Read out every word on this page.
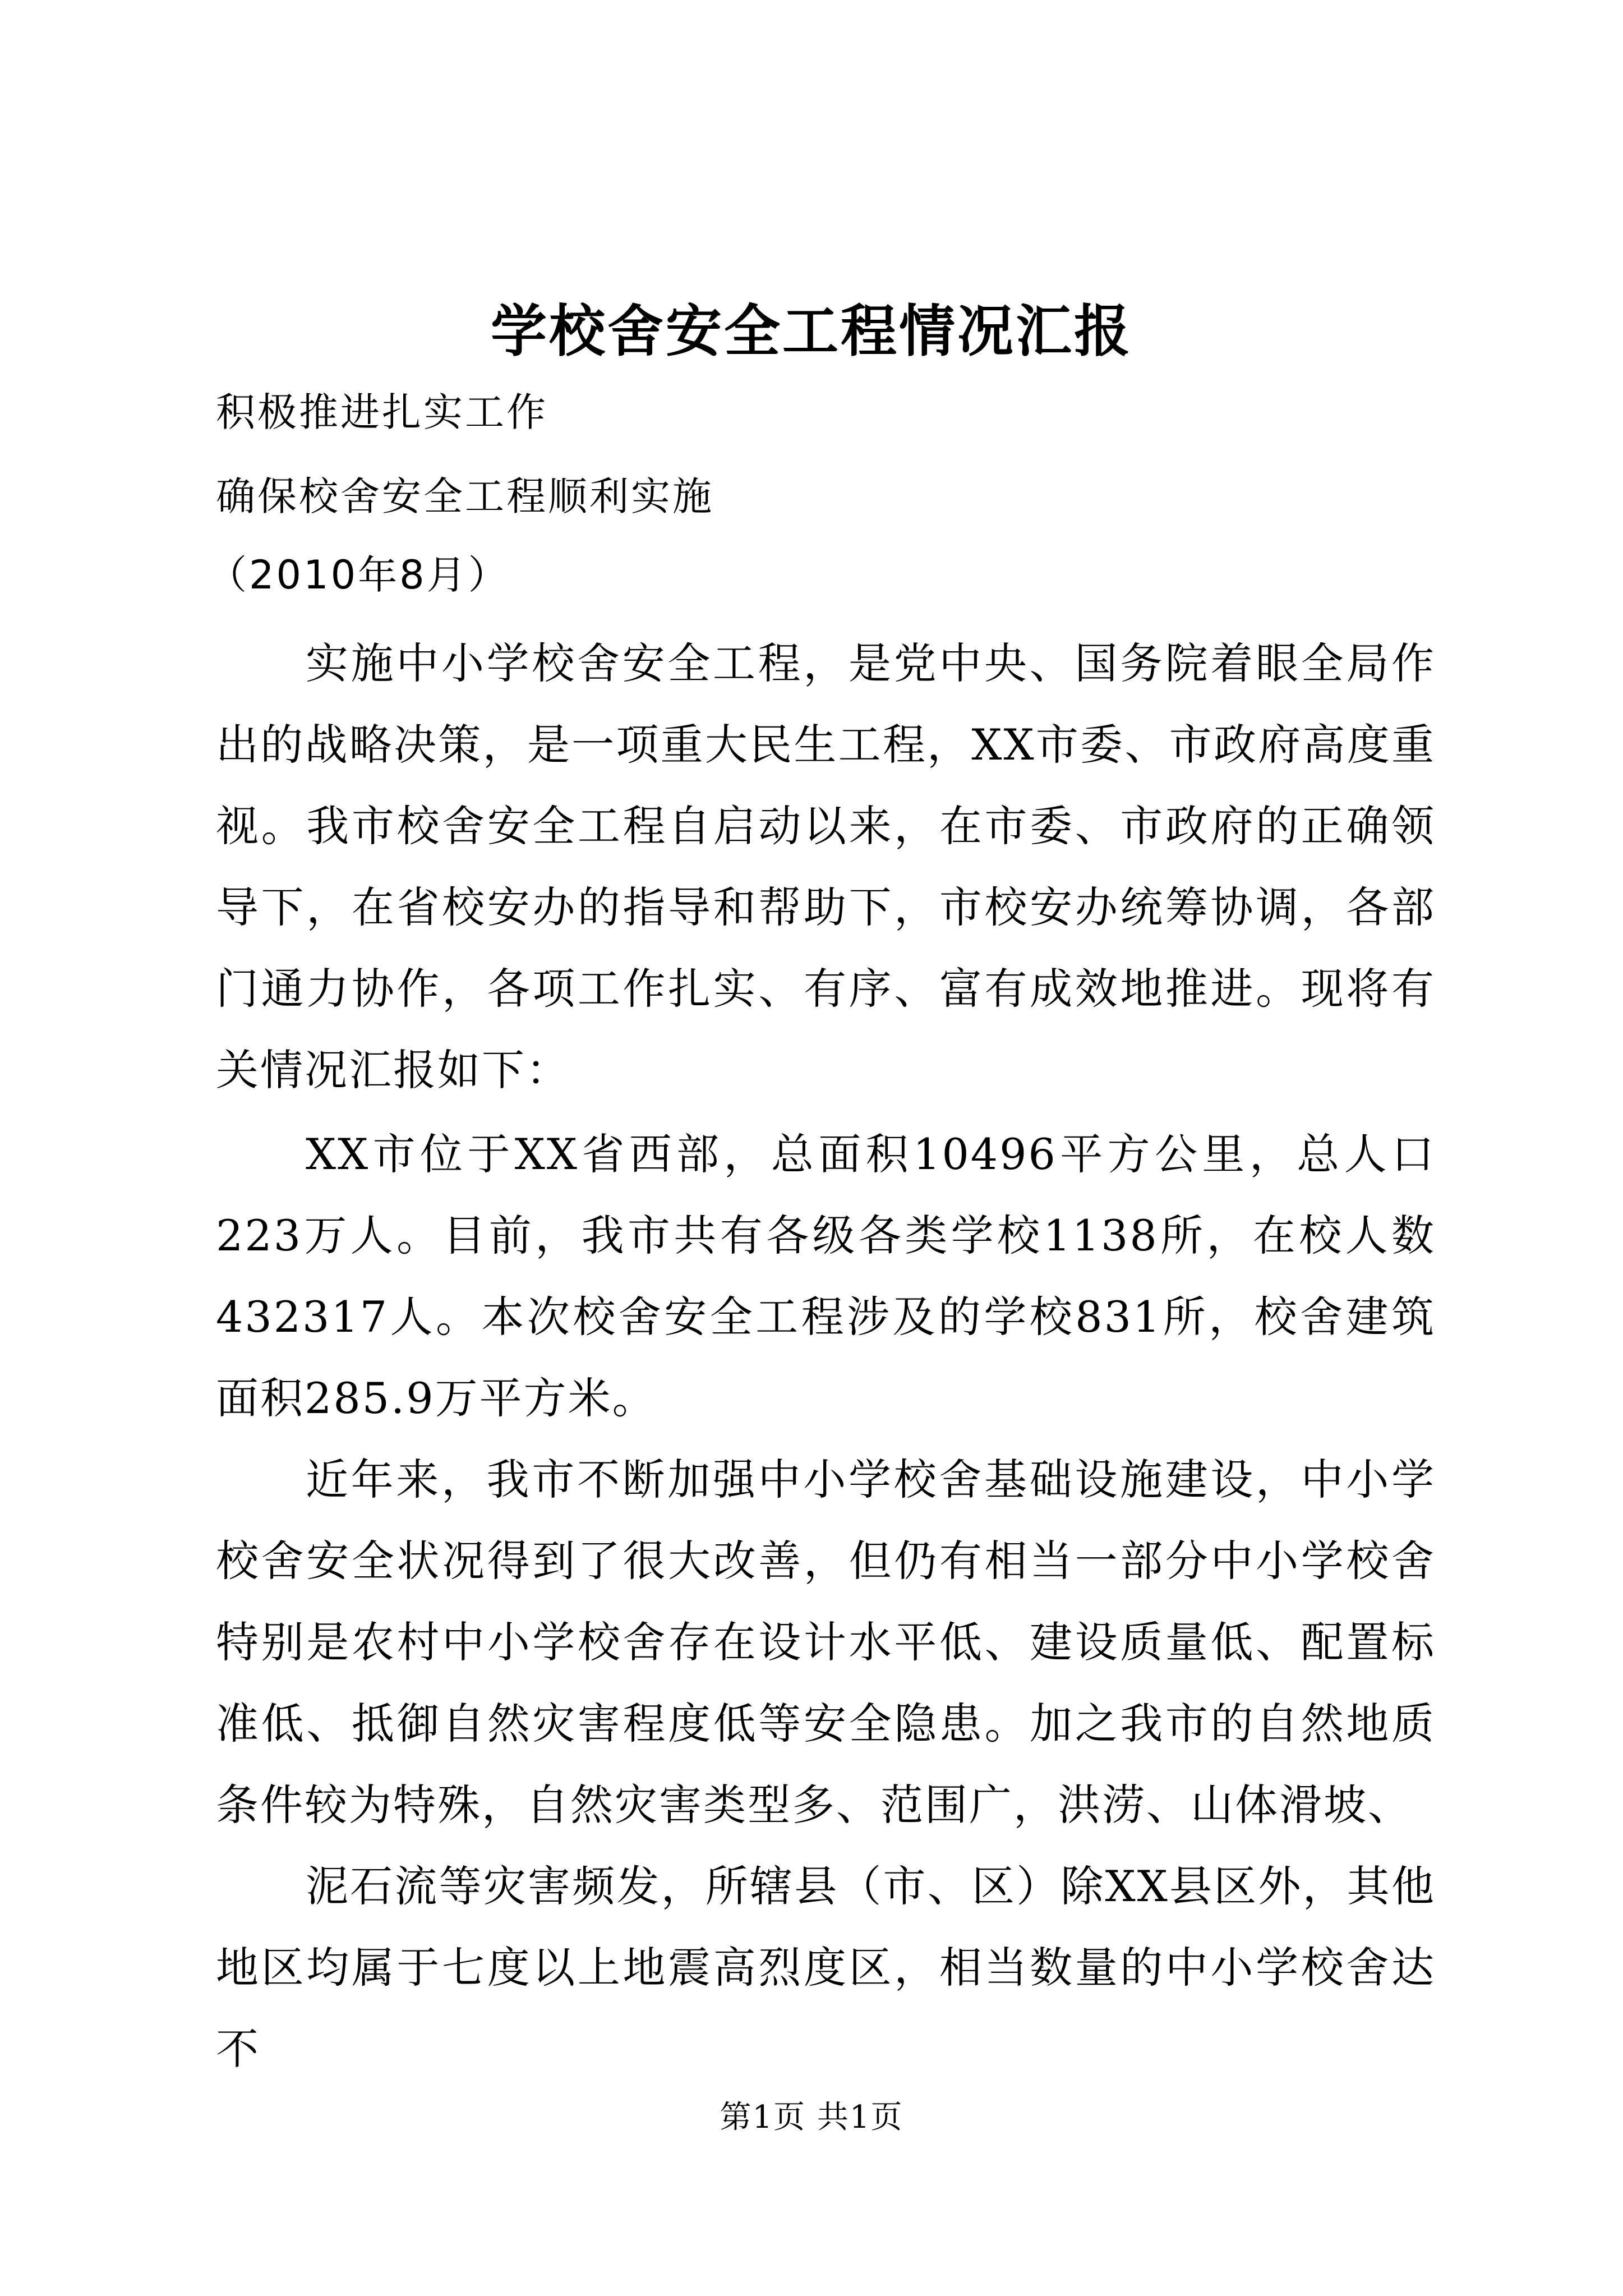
学校舍安全工程情况汇报
积极推进扎实工作
确保校舍安全工程顺利实施
（2010年8月）
实施中小学校舍安全工程，是党中央、国务院着眼全局作出的战略决策，是一项重大民生工程，XX市委、市政府高度重视。我市校舍安全工程自启动以来，在市委、市政府的正确领导下，在省校安办的指导和帮助下，市校安办统筹协调，各部门通力协作，各项工作扎实、有序、富有成效地推进。现将有关情况汇报如下：
XX市位于XX省西部，总面积10496平方公里，总人口223万人。目前，我市共有各级各类学校1138所，在校人数432317人。本次校舍安全工程涉及的学校831所，校舍建筑面积285.9万平方米。
近年来，我市不断加强中小学校舍基础设施建设，中小学校舍安全状况得到了很大改善，但仍有相当一部分中小学校舍特别是农村中小学校舍存在设计水平低、建设质量低、配置标准低、抵御自然灾害程度低等安全隐患。加之我市的自然地质条件较为特殊，自然灾害类型多、范围广，洪涝、山体滑坡、
泥石流等灾害频发，所辖县（市、区）除XX县区外，其他地区均属于七度以上地震高烈度区，相当数量的中小学校舍达不
第1页 共1页
